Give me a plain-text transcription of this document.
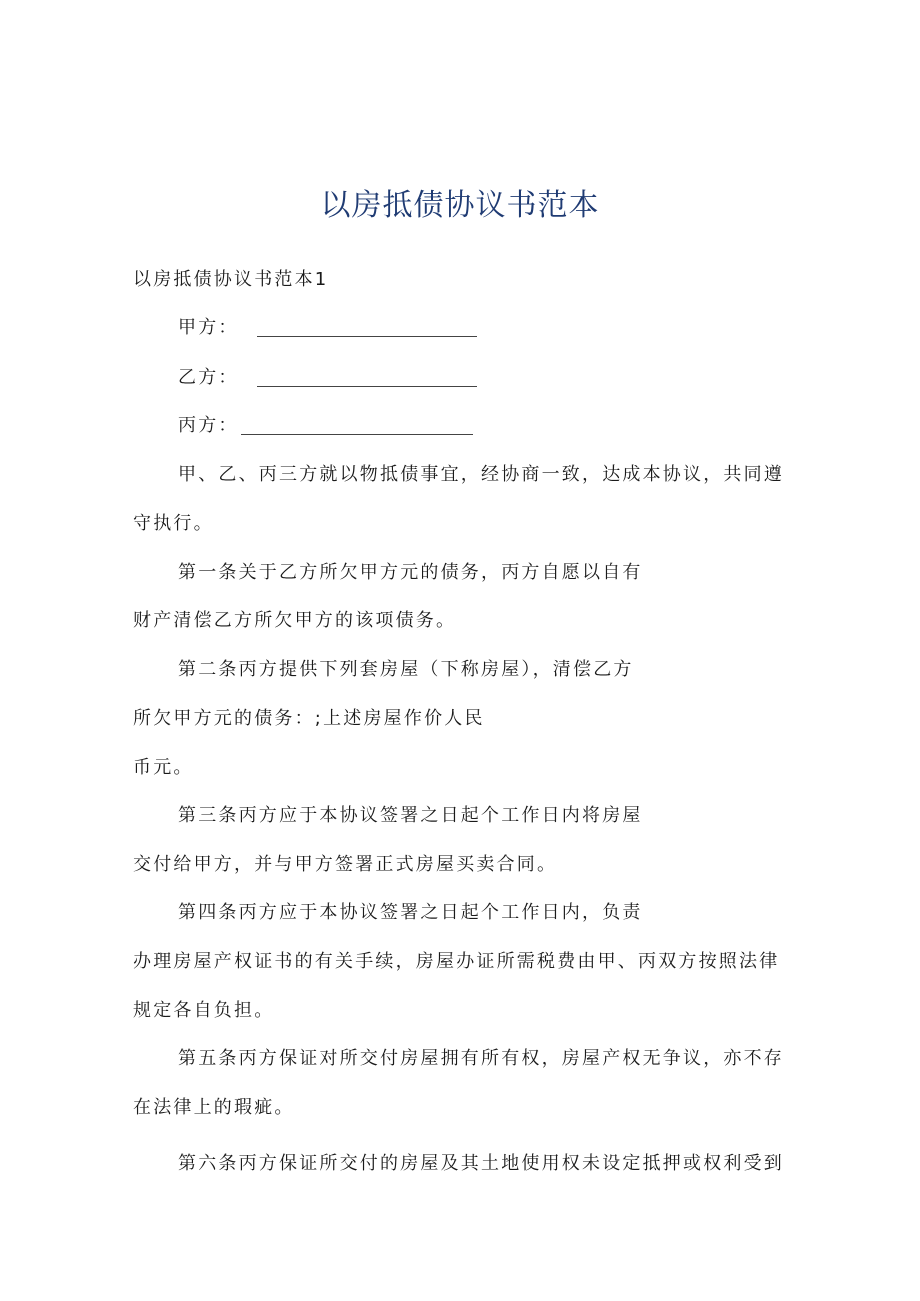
以房抵债协议书范本
以房抵债协议书范本1
甲方：
乙方：
丙方：
甲、乙、丙三方就以物抵债事宜，经协商一致，达成本协议，共同遵
守执行。
第一条关于乙方所欠甲方元的债务，丙方自愿以自有
财产清偿乙方所欠甲方的该项债务。
第二条丙方提供下列套房屋（下称房屋），清偿乙方
所欠甲方元的债务：;上述房屋作价人民
币元。
第三条丙方应于本协议签署之日起个工作日内将房屋
交付给甲方，并与甲方签署正式房屋买卖合同。
第四条丙方应于本协议签署之日起个工作日内，负责
办理房屋产权证书的有关手续，房屋办证所需税费由甲、丙双方按照法律
规定各自负担。
第五条丙方保证对所交付房屋拥有所有权，房屋产权无争议，亦不存
在法律上的瑕疵。
第六条丙方保证所交付的房屋及其土地使用权未设定抵押或权利受到
